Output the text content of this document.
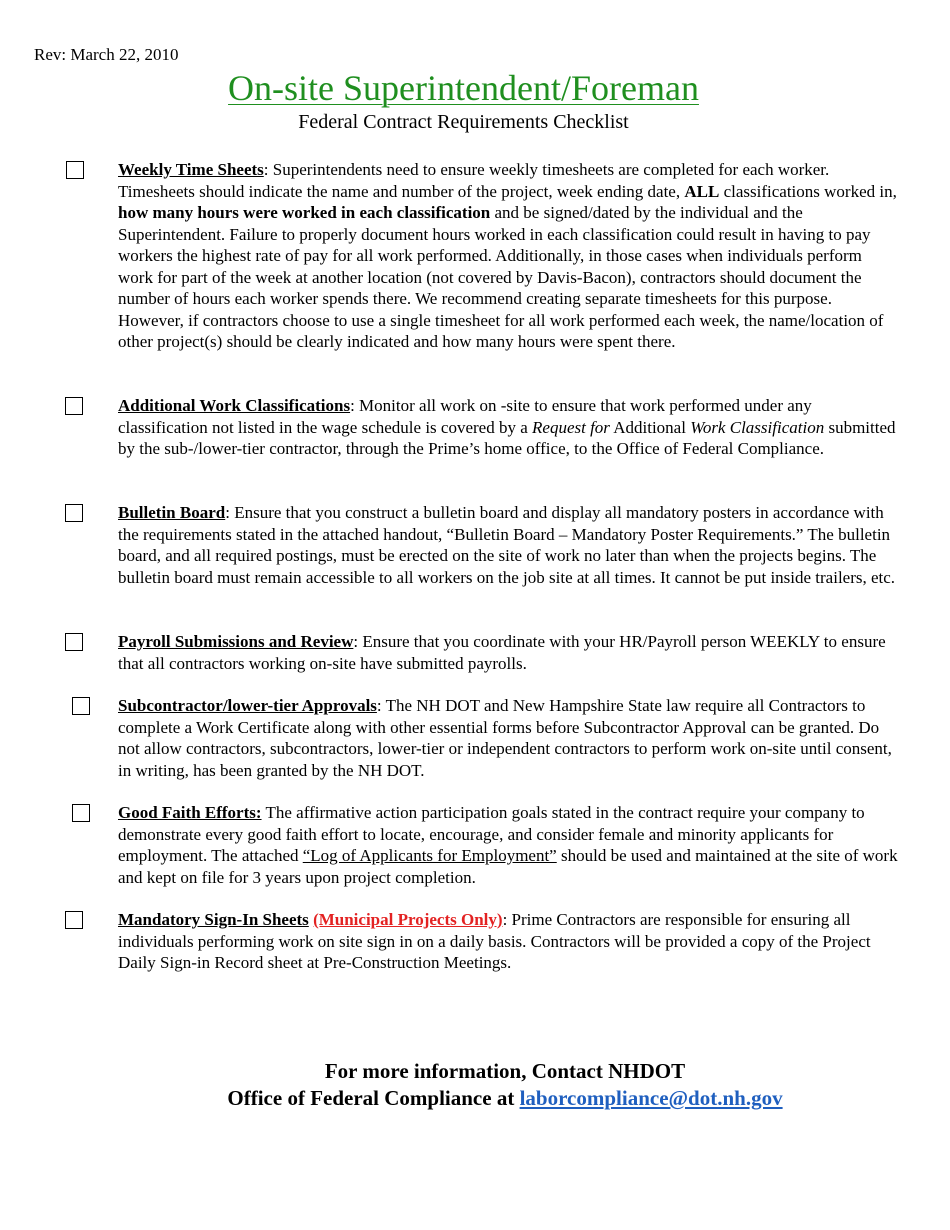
Rev: March 22, 2010
On-site Superintendent/Foreman
Federal Contract Requirements Checklist
Weekly Time Sheets: Superintendents need to ensure weekly timesheets are completed for each worker. Timesheets should indicate the name and number of the project, week ending date, ALL classifications worked in, how many hours were worked in each classification and be signed/dated by the individual and the Superintendent. Failure to properly document hours worked in each classification could result in having to pay workers the highest rate of pay for all work performed. Additionally, in those cases when individuals perform work for part of the week at another location (not covered by Davis-Bacon), contractors should document the number of hours each worker spends there. We recommend creating separate timesheets for this purpose. However, if contractors choose to use a single timesheet for all work performed each week, the name/location of other project(s) should be clearly indicated and how many hours were spent there.
Additional Work Classifications: Monitor all work on -site to ensure that work performed under any classification not listed in the wage schedule is covered by a Request for Additional Work Classification submitted by the sub-/lower-tier contractor, through the Prime’s home office, to the Office of Federal Compliance.
Bulletin Board: Ensure that you construct a bulletin board and display all mandatory posters in accordance with the requirements stated in the attached handout, “Bulletin Board – Mandatory Poster Requirements.” The bulletin board, and all required postings, must be erected on the site of work no later than when the projects begins. The bulletin board must remain accessible to all workers on the job site at all times. It cannot be put inside trailers, etc.
Payroll Submissions and Review: Ensure that you coordinate with your HR/Payroll person WEEKLY to ensure that all contractors working on-site have submitted payrolls.
Subcontractor/lower-tier Approvals: The NH DOT and New Hampshire State law require all Contractors to complete a Work Certificate along with other essential forms before Subcontractor Approval can be granted. Do not allow contractors, subcontractors, lower-tier or independent contractors to perform work on-site until consent, in writing, has been granted by the NH DOT.
Good Faith Efforts: The affirmative action participation goals stated in the contract require your company to demonstrate every good faith effort to locate, encourage, and consider female and minority applicants for employment. The attached “Log of Applicants for Employment” should be used and maintained at the site of work and kept on file for 3 years upon project completion.
Mandatory Sign-In Sheets (Municipal Projects Only): Prime Contractors are responsible for ensuring all individuals performing work on site sign in on a daily basis. Contractors will be provided a copy of the Project Daily Sign-in Record sheet at Pre-Construction Meetings.
For more information, Contact NHDOT
Office of Federal Compliance at laborcompliance@dot.nh.gov
